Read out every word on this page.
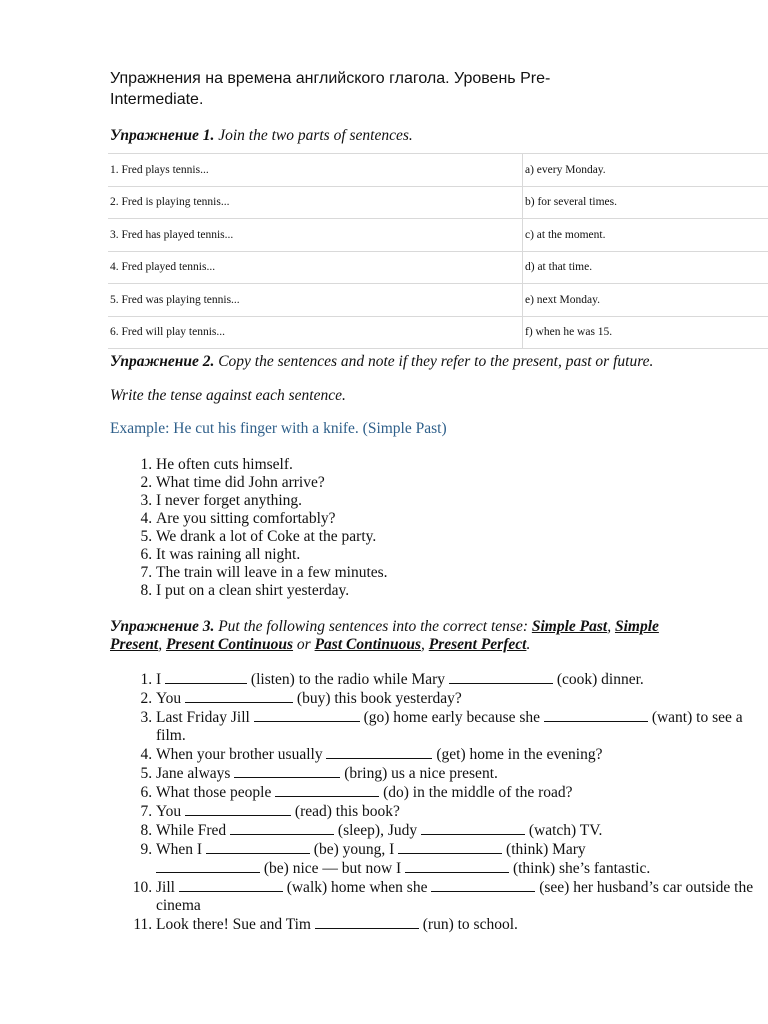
Упражнения на времена английского глагола. Уровень Pre-Intermediate.
Упражнение 1. Join the two parts of sentences.
1. Fred plays tennis...	a) every Monday.
2. Fred is playing tennis...	b) for several times.
3. Fred has played tennis...	c) at the moment.
4. Fred played tennis...	d) at that time.
5. Fred was playing tennis...	e) next Monday.
6. Fred will play tennis...	f) when he was 15.
Упражнение 2. Copy the sentences and note if they refer to the present, past or future.
Write the tense against each sentence.
Example: He cut his finger with a knife. (Simple Past)
1. He often cuts himself.
2. What time did John arrive?
3. I never forget anything.
4. Are you sitting comfortably?
5. We drank a lot of Coke at the party.
6. It was raining all night.
7. The train will leave in a few minutes.
8. I put on a clean shirt yesterday.
Упражнение 3. Put the following sentences into the correct tense: Simple Past, Simple Present, Present Continuous or Past Continuous, Present Perfect.
1. I	(listen) to the radio while Mary	(cook) dinner.
2. You	(buy) this book yesterday?
3. Last Friday Jill	(go) home early because she	(want) to see a film.
4. When your brother usually	(get) home in the evening?
5. Jane always	(bring) us a nice present.
6. What those people	(do) in the middle of the road?
7. You	(read) this book?
8. While Fred	(sleep), Judy	(watch) TV.
9. When I	(be) young, I	(think) Mary
(be) nice — but now I	(think) she’s fantastic.
10. Jill	(walk) home when she	(see) her husband’s car outside the cinema
11. Look there! Sue and Tim	(run) to school.
